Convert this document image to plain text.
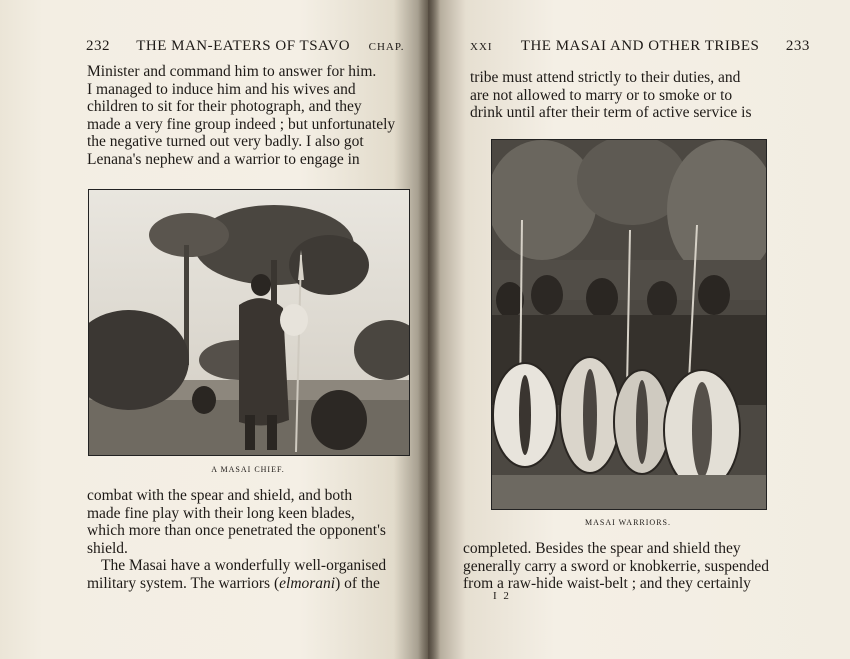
232 THE MAN-EATERS OF TSAVO CHAP.

Minister and command him to answer for him.

I managed to induce him and his wives and

children to sit for their photograph, and they

made a very fine group indeed ; but unfortunately

the negative turned out very badly. I also got

Lenana's nephew and a warrior to engage in

A MASAI CHIEF.

combat with the spear and shield, and both

made fine play with their long keen blades,

which more than once penetrated the opponent's

shield.

The Masai have a wonderfully well-organised

military system. The warriors (elmorani) of the

XXI THE MASAI AND OTHER TRIBES 233

tribe must attend strictly to their duties, and

are not allowed to marry or to smoke or to

drink until after their term of active service is

MASAI WARRIORS.

completed. Besides the spear and shield they

generally carry a sword or knobkerrie, suspended

from a raw-hide waist-belt ; and they certainly

I 2
